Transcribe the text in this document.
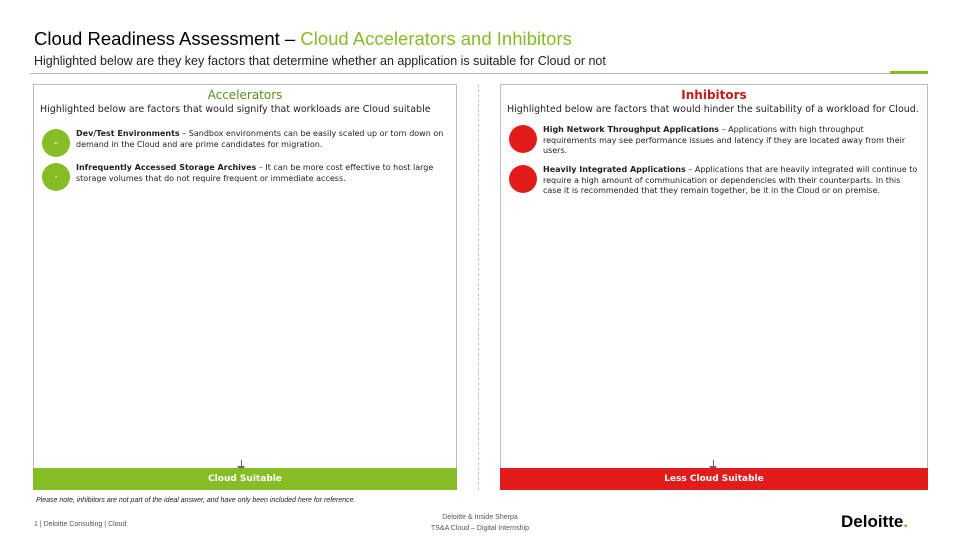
Cloud Readiness Assessment – Cloud Accelerators and Inhibitors
Highlighted below are they key factors that determine whether an application is suitable for Cloud or not
Accelerators
Highlighted below are factors that would signify that workloads are Cloud suitable
▫▫
Dev/Test Environments – Sandbox environments can be easily scaled up or torn down on demand in the Cloud and are prime candidates for migration.
▫
Infrequently Accessed Storage Archives – It can be more cost effective to host large storage volumes that do not require frequent or immediate access.
Inhibitors
Highlighted below are factors that would hinder the suitability of a workload for Cloud.
High Network Throughput Applications – Applications with high throughput requirements may see performance issues and latency if they are located away from their users.
Heavily Integrated Applications – Applications that are heavily integrated will continue to require a high amount of communication or dependencies with their counterparts. In this case it is recommended that they remain together, be it in the Cloud or on premise.
Cloud Suitable	Less Cloud Suitable
Please note, inhibitors are not part of the ideal answer, and have only been included here for reference.
1 | Deloitte Consulting | Cloud
Deloitte & Inside Sherpa
TS&A Cloud – Digital Internship	Deloitte.
